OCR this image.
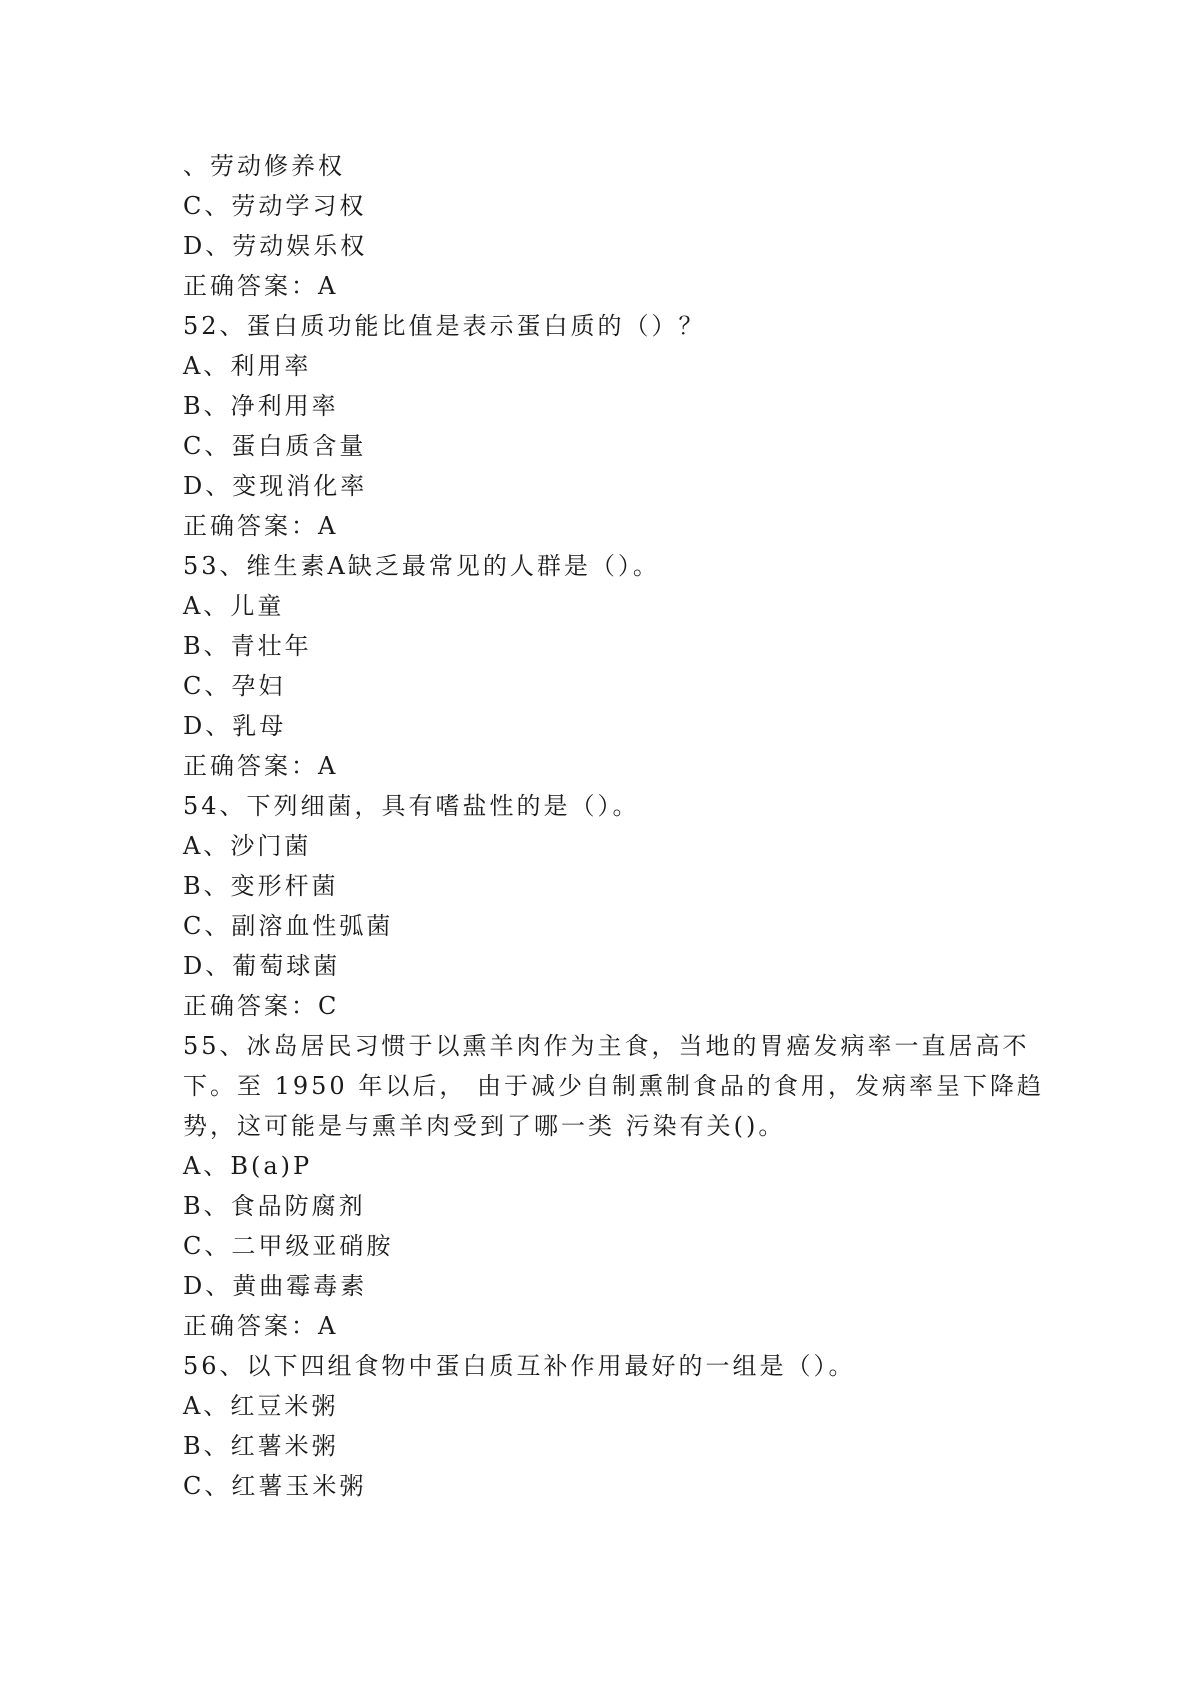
、劳动修养权
C、劳动学习权
D、劳动娱乐权
正确答案：A
52、蛋白质功能比值是表示蛋白质的（）？
A、利用率
B、净利用率
C、蛋白质含量
D、变现消化率
正确答案：A
53、维生素A缺乏最常见的人群是（）。
A、儿童
B、青壮年
C、孕妇
D、乳母
正确答案：A
54、下列细菌，具有嗜盐性的是（）。
A、沙门菌
B、变形杆菌
C、副溶血性弧菌
D、葡萄球菌
正确答案：C
55、冰岛居民习惯于以熏羊肉作为主食，当地的胃癌发病率一直居高不
下。至 1950 年以后， 由于减少自制熏制食品的食用，发病率呈下降趋
势，这可能是与熏羊肉受到了哪一类 污染有关()。
A、B(a)P
B、食品防腐剂
C、二甲级亚硝胺
D、黄曲霉毒素
正确答案：A
56、以下四组食物中蛋白质互补作用最好的一组是（）。
A、红豆米粥
B、红薯米粥
C、红薯玉米粥
